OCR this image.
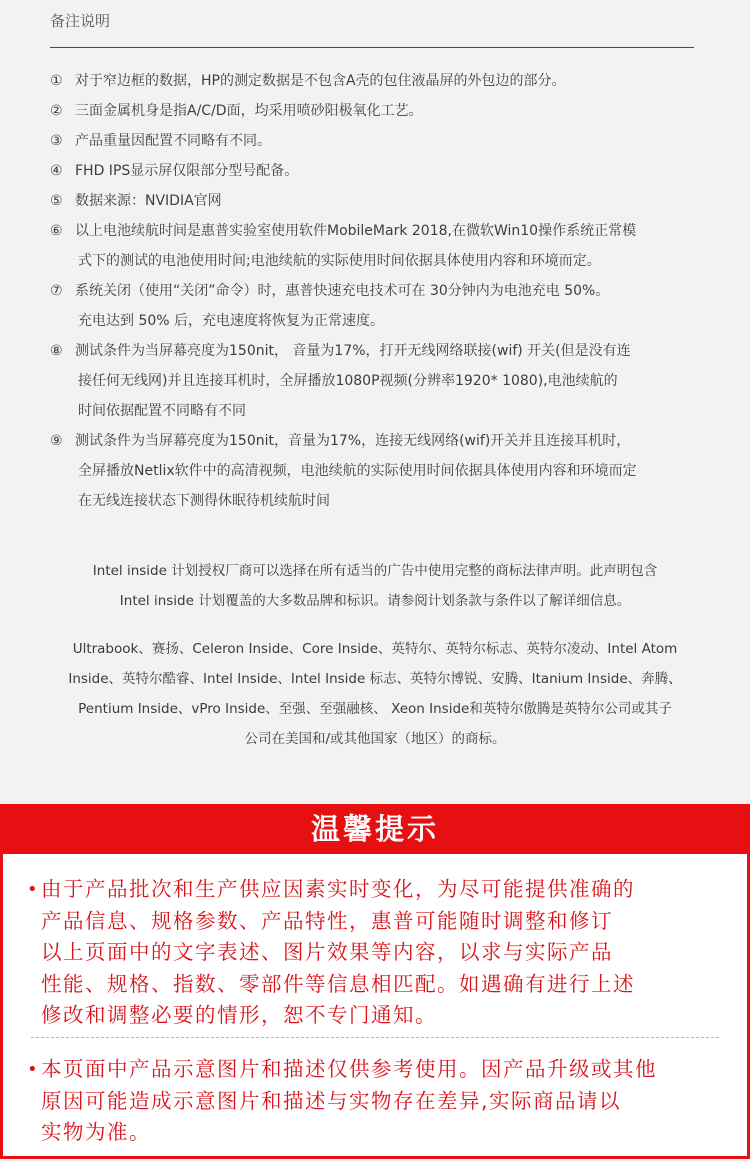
备注说明
① 对于窄边框的数据，HP的测定数据是不包含A壳的包住液晶屏的外包边的部分。
② 三面金属机身是指A/C/D面，均采用喷砂阳极氧化工艺。
③ 产品重量因配置不同略有不同。
④ FHD IPS显示屏仅限部分型号配备。
⑤ 数据来源：NVIDIA官网
⑥ 以上电池续航时间是惠普实验室使用软件MobileMark 2018,在微软Win10操作系统正常模
式下的测试的电池使用时间;电池续航的实际使用时间依据具体使用内容和环境而定。
⑦ 系统关闭（使用“关闭”命令）时，惠普快速充电技术可在 30分钟内为电池充电 50%。
充电达到 50% 后，充电速度将恢复为正常速度。
⑧ 测试条件为当屏幕亮度为150nit， 音量为17%，打开无线网络联接(wif) 开关(但是没有连
接任何无线网)并且连接耳机时，全屏播放1080P视频(分辨率1920* 1080),电池续航的
时间依据配置不同略有不同
⑨ 测试条件为当屏幕亮度为150nit，音量为17%，连接无线网络(wif)开关并且连接耳机时，
全屏播放Netlix软件中的高清视频，电池续航的实际使用时间依据具体使用内容和环境而定
在无线连接状态下测得休眠待机续航时间
Intel inside 计划授权厂商可以选择在所有适当的广告中使用完整的商标法律声明。此声明包含
Intel inside 计划覆盖的大多数品牌和标识。请参阅计划条款与条件以了解详细信息。
Ultrabook、赛扬、Celeron Inside、Core Inside、英特尔、英特尔标志、英特尔凌动、Intel Atom
Inside、英特尔酷睿、Intel Inside、Intel Inside 标志、英特尔博锐、安腾、Itanium Inside、奔腾、
Pentium Inside、vPro Inside、至强、至强融核、 Xeon Inside和英特尔傲腾是英特尔公司或其子
公司在美国和/或其他国家（地区）的商标。
温馨提示
• 由于产品批次和生产供应因素实时变化，为尽可能提供准确的
产品信息、规格参数、产品特性，惠普可能随时调整和修订
以上页面中的文字表述、图片效果等内容，以求与实际产品
性能、规格、指数、零部件等信息相匹配。如遇确有进行上述
修改和调整必要的情形，恕不专门通知。
• 本页面中产品示意图片和描述仅供参考使用。因产品升级或其他
原因可能造成示意图片和描述与实物存在差异,实际商品请以
实物为准。
